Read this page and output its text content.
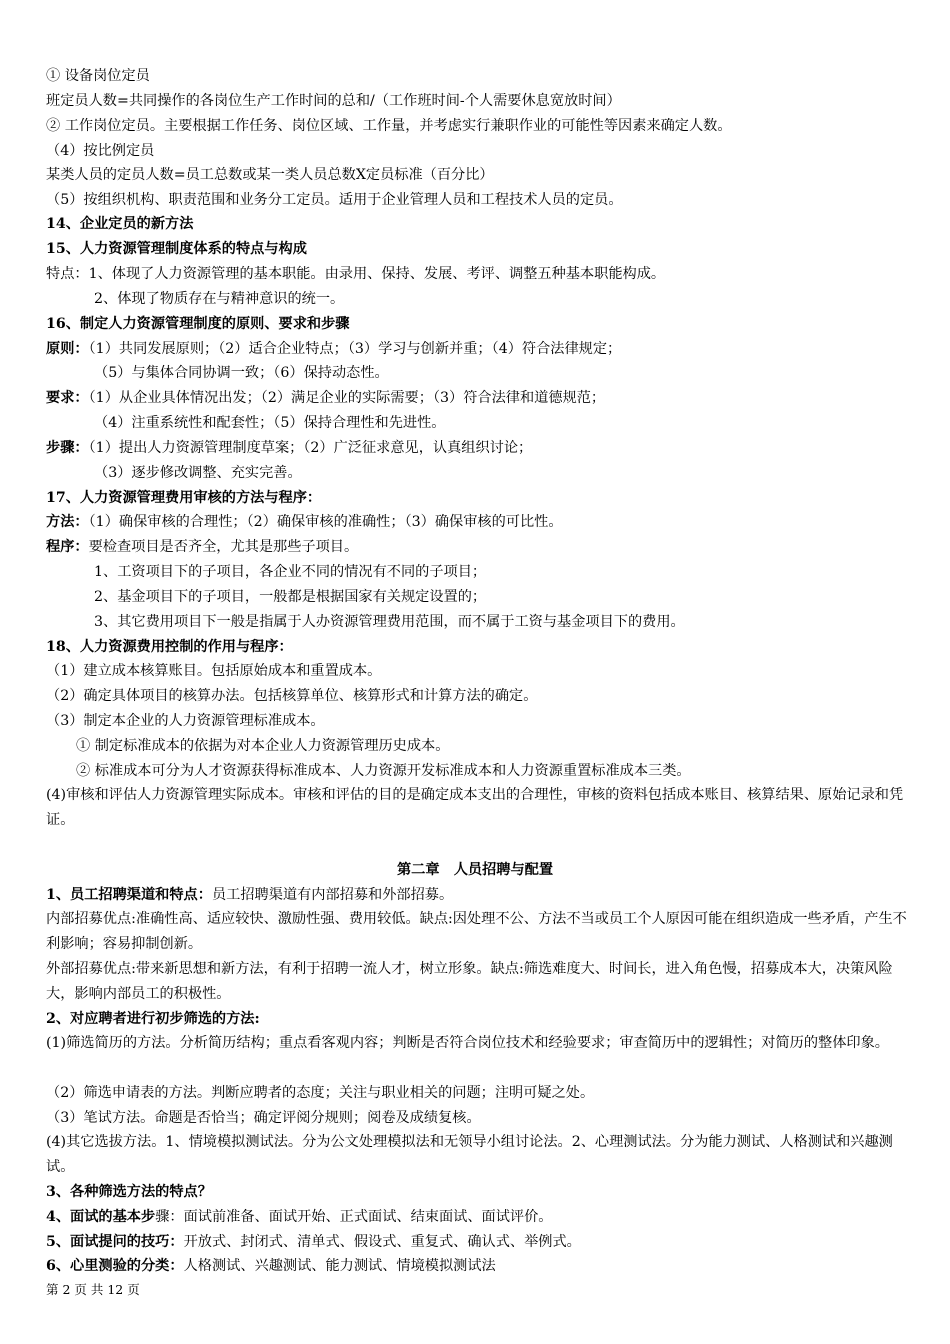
① 设备岗位定员
班定员人数=共同操作的各岗位生产工作时间的总和/（工作班时间-个人需要休息宽放时间）
② 工作岗位定员。主要根据工作任务、岗位区域、工作量，并考虑实行兼职作业的可能性等因素来确定人数。
（4）按比例定员
某类人员的定员人数=员工总数或某一类人员总数X定员标准（百分比）
（5）按组织机构、职责范围和业务分工定员。适用于企业管理人员和工程技术人员的定员。
14、企业定员的新方法
15、人力资源管理制度体系的特点与构成
特点：1、体现了人力资源管理的基本职能。由录用、保持、发展、考评、调整五种基本职能构成。
2、体现了物质存在与精神意识的统一。
16、制定人力资源管理制度的原则、要求和步骤
原则：（1）共同发展原则；（2）适合企业特点；（3）学习与创新并重；（4）符合法律规定；
（5）与集体合同协调一致；（6）保持动态性。
要求：（1）从企业具体情况出发；（2）满足企业的实际需要；（3）符合法律和道德规范；
（4）注重系统性和配套性；（5）保持合理性和先进性。
步骤：（1）提出人力资源管理制度草案；（2）广泛征求意见，认真组织讨论；
（3）逐步修改调整、充实完善。
17、人力资源管理费用审核的方法与程序：
方法：（1）确保审核的合理性；（2）确保审核的准确性；（3）确保审核的可比性。
程序：要检查项目是否齐全，尤其是那些子项目。
1、工资项目下的子项目，各企业不同的情况有不同的子项目；
2、基金项目下的子项目，一般都是根据国家有关规定设置的；
3、其它费用项目下一般是指属于人办资源管理费用范围，而不属于工资与基金项目下的费用。
18、人力资源费用控制的作用与程序：
（1）建立成本核算账目。包括原始成本和重置成本。
（2）确定具体项目的核算办法。包括核算单位、核算形式和计算方法的确定。
（3）制定本企业的人力资源管理标准成本。
① 制定标准成本的依据为对本企业人力资源管理历史成本。
② 标准成本可分为人才资源获得标准成本、人力资源开发标准成本和人力资源重置标准成本三类。
(4)审核和评估人力资源管理实际成本。审核和评估的目的是确定成本支出的合理性，审核的资料包括成本账目、核算结果、原始记录和凭证。
第二章　人员招聘与配置
1、员工招聘渠道和特点：员工招聘渠道有内部招募和外部招募。
内部招募优点:准确性高、适应较快、激励性强、费用较低。缺点:因处理不公、方法不当或员工个人原因可能在组织造成一些矛盾，产生不利影响；容易抑制创新。
外部招募优点:带来新思想和新方法，有利于招聘一流人才，树立形象。缺点:筛选难度大、时间长，进入角色慢，招募成本大，决策风险大，影响内部员工的积极性。
2、对应聘者进行初步筛选的方法:
(1)筛选简历的方法。分析简历结构；重点看客观内容；判断是否符合岗位技术和经验要求；审查简历中的逻辑性；对简历的整体印象。
（2）筛选申请表的方法。判断应聘者的态度；关注与职业相关的问题；注明可疑之处。
（3）笔试方法。命题是否恰当；确定评阅分规则；阅卷及成绩复核。
(4)其它选拔方法。1、情境模拟测试法。分为公文处理模拟法和无领导小组讨论法。2、心理测试法。分为能力测试、人格测试和兴趣测试。
3、各种筛选方法的特点？
4、面试的基本步骤：面试前准备、面试开始、正式面试、结束面试、面试评价。
5、面试提问的技巧：开放式、封闭式、清单式、假设式、重复式、确认式、举例式。
6、心里测验的分类：人格测试、兴趣测试、能力测试、情境模拟测试法
第 2 页 共 12 页
